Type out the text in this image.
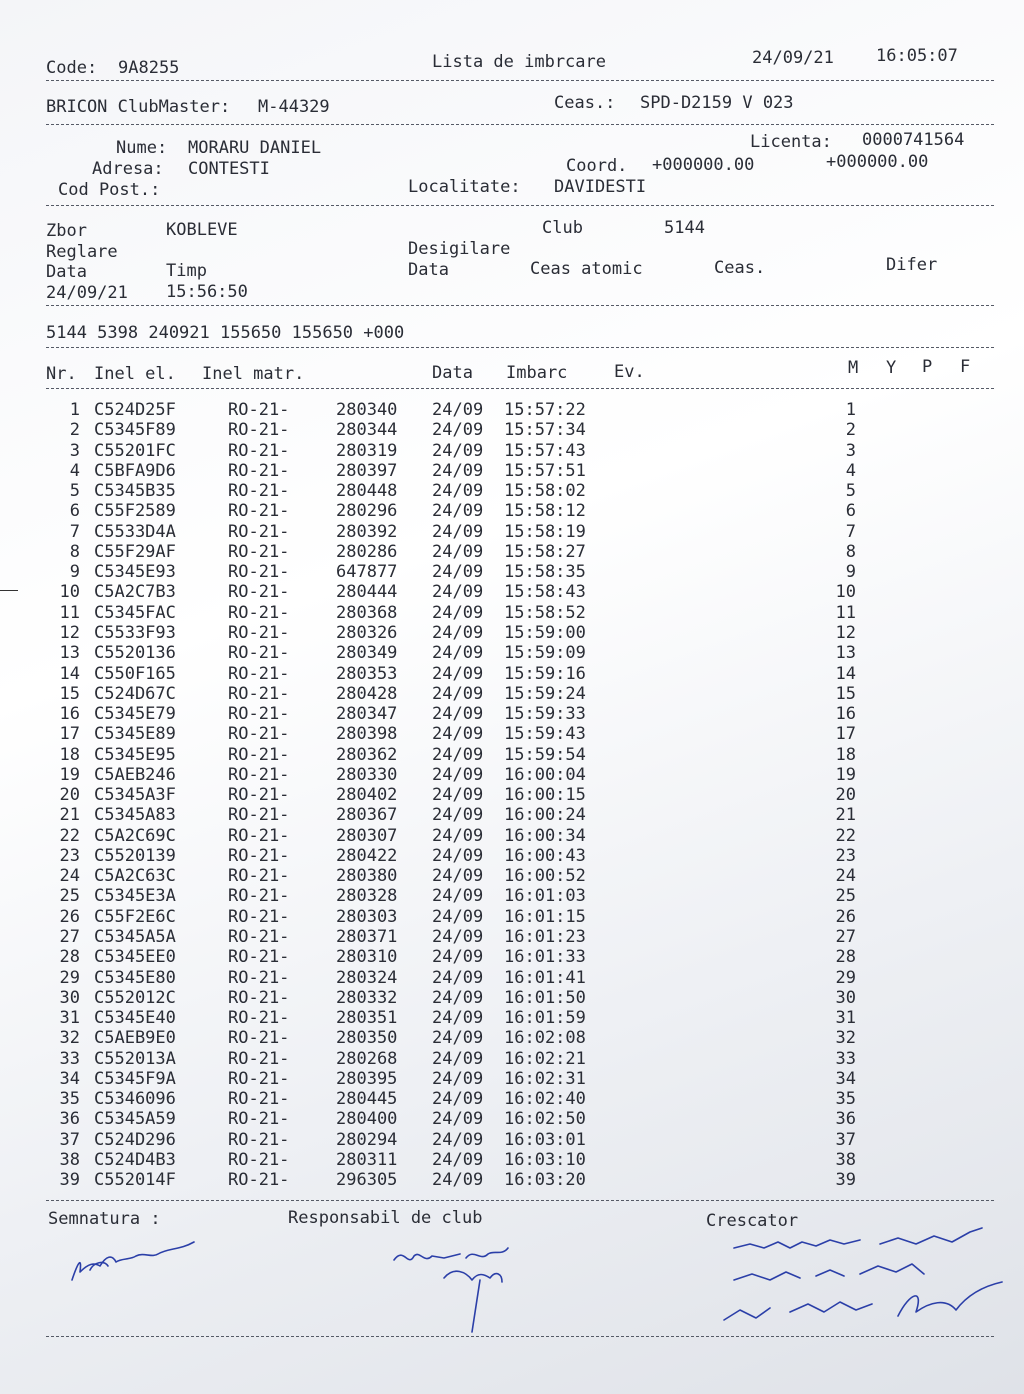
Code: 9A8255	Lista de imbrcare	24/09/21 16:05:07
BRICON ClubMaster: M-44329	Ceas.: SPD-D2159 V 023
Nume: MORARU DANIEL	Licenta: 0000741564
Adresa: CONTESTI	Coord. +000000.00	+000000.00
Cod Post.:	Localitate: DAVIDESTI
Zbor	KOBLEVE	Club	5144
Reglare	Desigilare
Data	Timp	Data	Ceas atomic	Ceas.	Difer
24/09/21 15:56:50
5144 5398 240921 155650 155650 +000
Nr. Inel el. Inel matr.	Data Imbarc	Ev.	M Y P F
1 C524D25F	RO-21-	280340 24/09 15:57:22	1
2 C5345F89	RO-21-	280344 24/09 15:57:34	2
3 C55201FC	RO-21-	280319 24/09 15:57:43	3
4 C5BFA9D6	RO-21-	280397 24/09 15:57:51	4
5 C5345B35	RO-21-	280448 24/09 15:58:02	5
6 C55F2589	RO-21-	280296 24/09 15:58:12	6
7 C5533D4A	RO-21-	280392 24/09 15:58:19	7
8 C55F29AF	RO-21-	280286 24/09 15:58:27	8
9 C5345E93	RO-21-	647877 24/09 15:58:35	9
10 C5A2C7B3	RO-21-	280444 24/09 15:58:43	10
11 C5345FAC	RO-21-	280368 24/09 15:58:52	11
12 C5533F93	RO-21-	280326 24/09 15:59:00	12
13 C5520136	RO-21-	280349 24/09 15:59:09	13
14 C550F165	RO-21-	280353 24/09 15:59:16	14
15 C524D67C	RO-21-	280428 24/09 15:59:24	15
16 C5345E79	RO-21-	280347 24/09 15:59:33	16
17 C5345E89	RO-21-	280398 24/09 15:59:43	17
18 C5345E95	RO-21-	280362 24/09 15:59:54	18
19 C5AEB246	RO-21-	280330 24/09 16:00:04	19
20 C5345A3F	RO-21-	280402 24/09 16:00:15	20
21 C5345A83	RO-21-	280367 24/09 16:00:24	21
22 C5A2C69C	RO-21-	280307 24/09 16:00:34	22
23 C5520139	RO-21-	280422 24/09 16:00:43	23
24 C5A2C63C	RO-21-	280380 24/09 16:00:52	24
25 C5345E3A	RO-21-	280328 24/09 16:01:03	25
26 C55F2E6C	RO-21-	280303 24/09 16:01:15	26
27 C5345A5A	RO-21-	280371 24/09 16:01:23	27
28 C5345EE0	RO-21-	280310 24/09 16:01:33	28
29 C5345E80	RO-21-	280324 24/09 16:01:41	29
30 C552012C	RO-21-	280332 24/09 16:01:50	30
31 C5345E40	RO-21-	280351 24/09 16:01:59	31
32 C5AEB9E0	RO-21-	280350 24/09 16:02:08	32
33 C552013A	RO-21-	280268 24/09 16:02:21	33
34 C5345F9A	RO-21-	280395 24/09 16:02:31	34
35 C5346096	RO-21-	280445 24/09 16:02:40	35
36 C5345A59	RO-21-	280400 24/09 16:02:50	36
37 C524D296	RO-21-	280294 24/09 16:03:01	37
38 C524D4B3	RO-21-	280311 24/09 16:03:10	38
39 C552014F	RO-21-	296305 24/09 16:03:20	39
Semnatura :	Responsabil de club	Crescator
